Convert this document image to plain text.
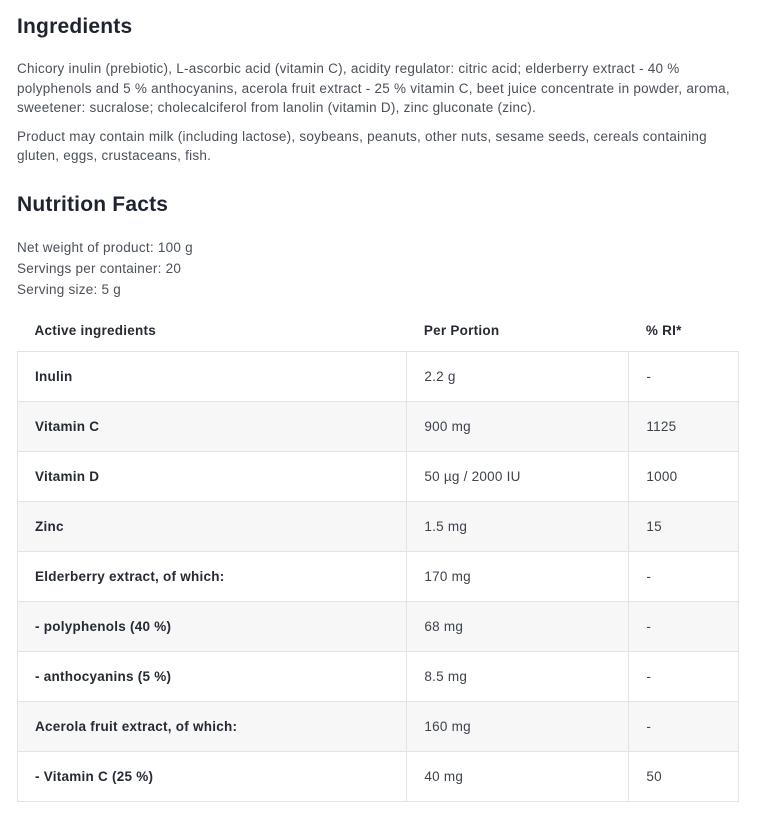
Ingredients

Chicory inulin (prebiotic), L-ascorbic acid (vitamin C), acidity regulator: citric acid; elderberry extract - 40 % polyphenols and 5 % anthocyanins, acerola fruit extract - 25 % vitamin C, beet juice concentrate in powder, aroma, sweetener: sucralose; cholecalciferol from lanolin (vitamin D), zinc gluconate (zinc).

Product may contain milk (including lactose), soybeans, peanuts, other nuts, sesame seeds, cereals containing gluten, eggs, crustaceans, fish.

Nutrition Facts

Net weight of product: 100 g

Servings per container: 20

Serving size: 5 g

Active ingredients	Per Portion	% RI*
Inulin	2.2 g	-
Vitamin C	900 mg	1125
Vitamin D	50 µg / 2000 IU	1000
Zinc	1.5 mg	15
Elderberry extract, of which:	170 mg	-
- polyphenols (40 %)	68 mg	-
- anthocyanins (5 %)	8.5 mg	-
Acerola fruit extract, of which:	160 mg	-
- Vitamin C (25 %)	40 mg	50
